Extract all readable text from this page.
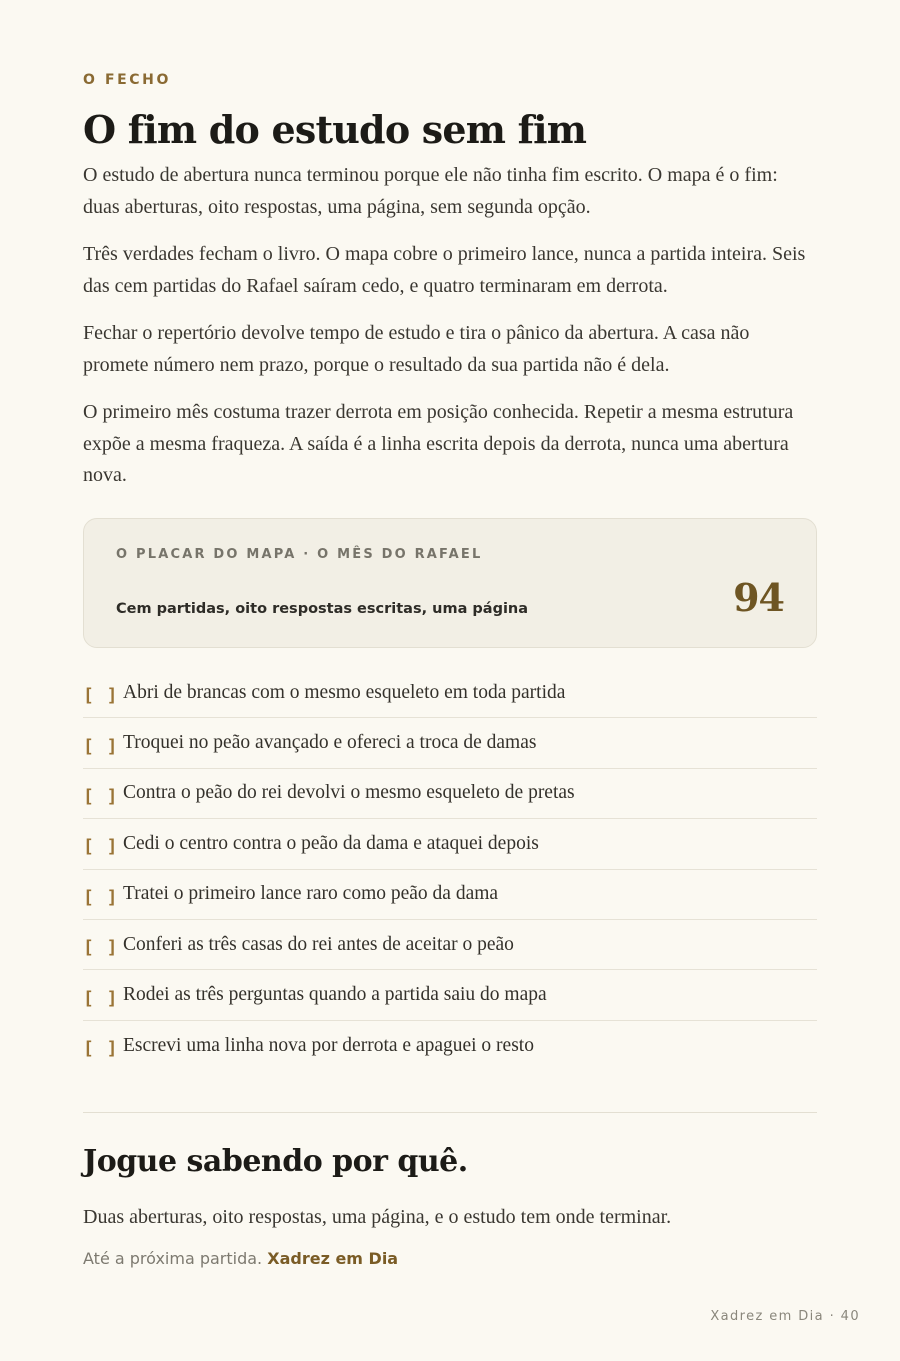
O FECHO
O fim do estudo sem fim

O estudo de abertura nunca terminou porque ele não tinha fim escrito. O mapa é o fim: duas aberturas, oito respostas, uma página, sem segunda opção.

Três verdades fecham o livro. O mapa cobre o primeiro lance, nunca a partida inteira. Seis das cem partidas do Rafael saíram cedo, e quatro terminaram em derrota.

Fechar o repertório devolve tempo de estudo e tira o pânico da abertura. A casa não promete número nem prazo, porque o resultado da sua partida não é dela.

O primeiro mês costuma trazer derrota em posição conhecida. Repetir a mesma estrutura expõe a mesma fraqueza. A saída é a linha escrita depois da derrota, nunca uma abertura nova.

O PLACAR DO MAPA · O MÊS DO RAFAEL
Cem partidas, oito respostas escritas, uma página	94
[ ] Abri de brancas com o mesmo esqueleto em toda partida
[ ] Troquei no peão avançado e ofereci a troca de damas
[ ] Contra o peão do rei devolvi o mesmo esqueleto de pretas
[ ] Cedi o centro contra o peão da dama e ataquei depois
[ ] Tratei o primeiro lance raro como peão da dama
[ ] Conferi as três casas do rei antes de aceitar o peão
[ ] Rodei as três perguntas quando a partida saiu do mapa
[ ] Escrevi uma linha nova por derrota e apaguei o resto
Jogue sabendo por quê.

Duas aberturas, oito respostas, uma página, e o estudo tem onde terminar.

Até a próxima partida. Xadrez em Dia

Xadrez em Dia · 40
